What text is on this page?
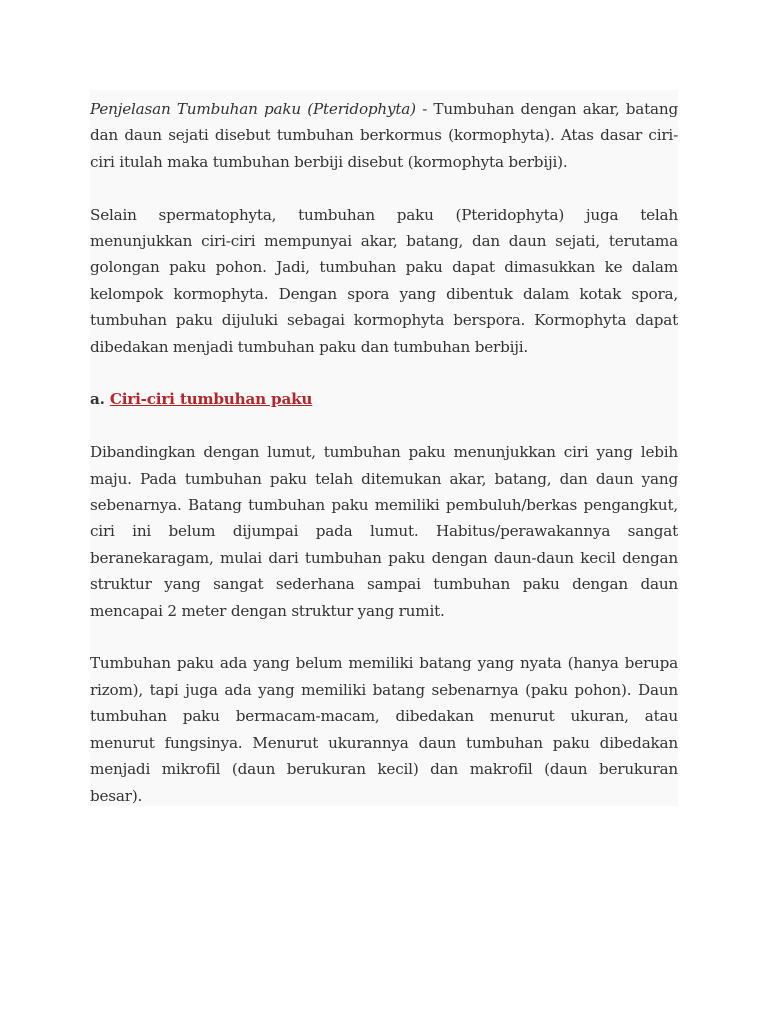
Penjelasan Tumbuhan paku (Pteridophyta) - Tumbuhan dengan akar, batang dan daun sejati disebut tumbuhan berkormus (kormophyta). Atas dasar ciri-ciri itulah maka tumbuhan berbiji disebut (kormophyta berbiji).

Selain spermatophyta, tumbuhan paku (Pteridophyta) juga telah menunjukkan ciri-ciri mempunyai akar, batang, dan daun sejati, terutama golongan paku pohon. Jadi, tumbuhan paku dapat dimasukkan ke dalam kelompok kormophyta. Dengan spora yang dibentuk dalam kotak spora, tumbuhan paku dijuluki sebagai kormophyta berspora. Kormophyta dapat dibedakan menjadi tumbuhan paku dan tumbuhan berbiji.

a. Ciri-ciri tumbuhan paku

Dibandingkan dengan lumut, tumbuhan paku menunjukkan ciri yang lebih maju. Pada tumbuhan paku telah ditemukan akar, batang, dan daun yang sebenarnya. Batang tumbuhan paku memiliki pembuluh/berkas pengangkut, ciri ini belum dijumpai pada lumut. Habitus/perawakannya sangat beranekaragam, mulai dari tumbuhan paku dengan daun-daun kecil dengan struktur yang sangat sederhana sampai tumbuhan paku dengan daun mencapai 2 meter dengan struktur yang rumit.

Tumbuhan paku ada yang belum memiliki batang yang nyata (hanya berupa rizom), tapi juga ada yang memiliki batang sebenarnya (paku pohon). Daun tumbuhan paku bermacam-macam, dibedakan menurut ukuran, atau menurut fungsinya. Menurut ukurannya daun tumbuhan paku dibedakan menjadi mikrofil (daun berukuran kecil) dan makrofil (daun berukuran besar).
